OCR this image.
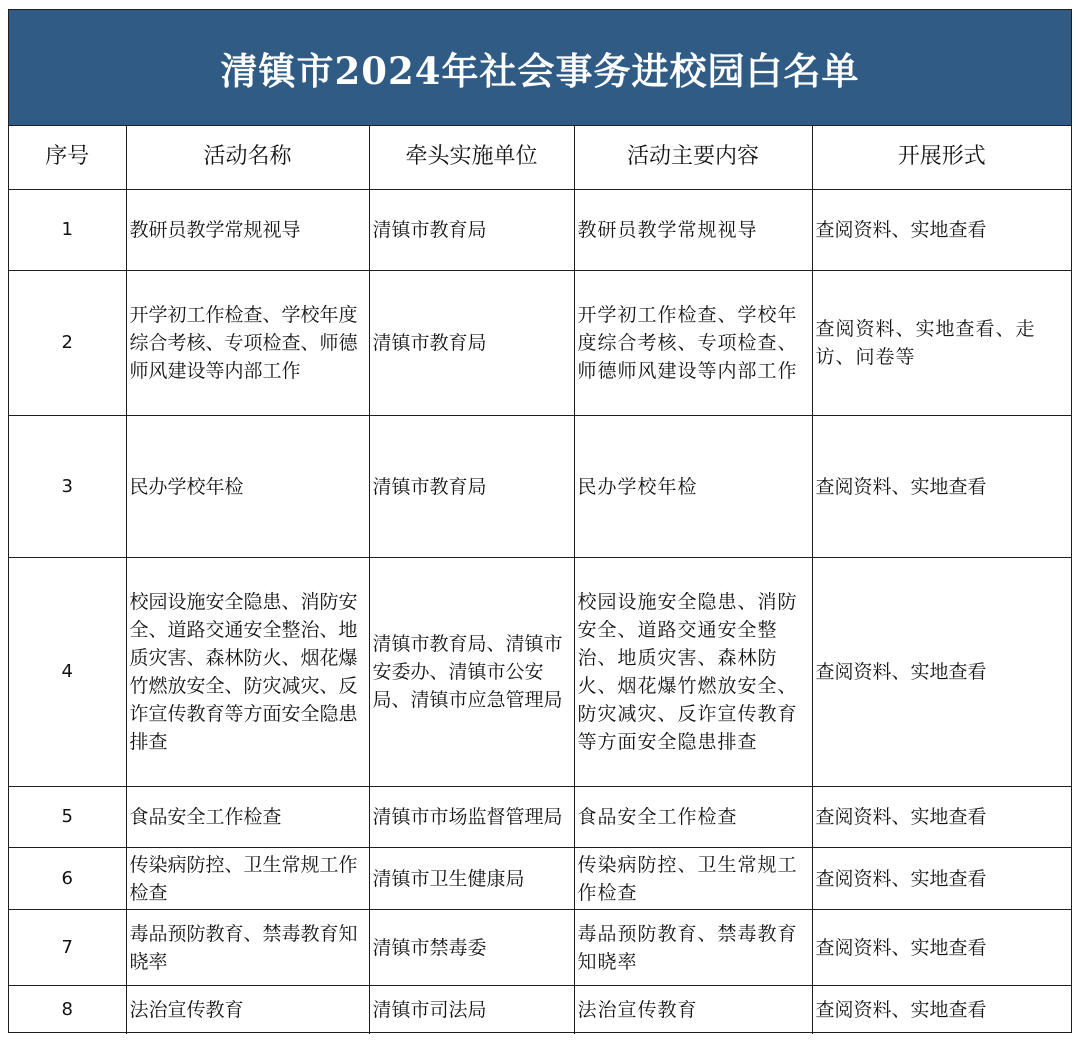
清镇市2024年社会事务进校园白名单
序号	活动名称	牵头实施单位	活动主要内容	开展形式
1	教研员教学常规视导	清镇市教育局	教研员教学常规视导	查阅资料、实地查看
2	开学初工作检查、学校年度综合考核、专项检查、师德师风建设等内部工作	清镇市教育局	开学初工作检查、学校年度综合考核、专项检查、师德师风建设等内部工作	查阅资料、实地查看、走访、问卷等
3	民办学校年检	清镇市教育局	民办学校年检	查阅资料、实地查看
4	校园设施安全隐患、消防安全、道路交通安全整治、地质灾害、森林防火、烟花爆竹燃放安全、防灾减灾、反诈宣传教育等方面安全隐患排查	清镇市教育局、清镇市安委办、清镇市公安局、清镇市应急管理局	校园设施安全隐患、消防安全、道路交通安全整治、地质灾害、森林防火、烟花爆竹燃放安全、防灾减灾、反诈宣传教育等方面安全隐患排查	查阅资料、实地查看
5	食品安全工作检查	清镇市市场监督管理局	食品安全工作检查	查阅资料、实地查看
6	传染病防控、卫生常规工作检查	清镇市卫生健康局	传染病防控、卫生常规工作检查	查阅资料、实地查看
7	毒品预防教育、禁毒教育知晓率	清镇市禁毒委	毒品预防教育、禁毒教育知晓率	查阅资料、实地查看
8	法治宣传教育	清镇市司法局	法治宣传教育	查阅资料、实地查看
